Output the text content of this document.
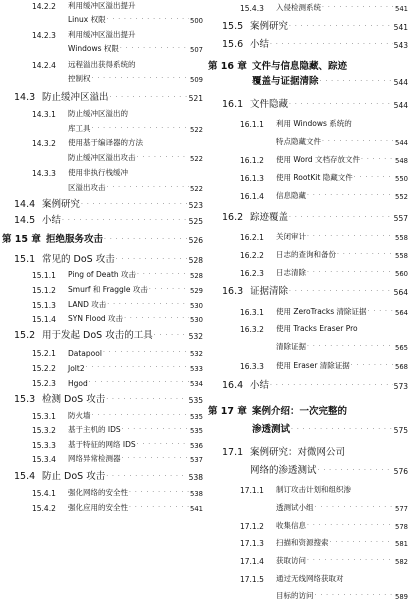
14.2.2	利用缓冲区溢出提升
Linux 权限 · · ·	500
14.2.3	利用缓冲区溢出提升
Windows 权限 · · ·	507
14.2.4	远程溢出获得系统的
控制权 · · ·	509
14.3 防止缓冲区溢出 · · ·	521
14.3.1	防止缓冲区溢出的
库工具 · · ·	522
14.3.2	使用基于编译器的方法
防止缓冲区溢出攻击 · · ·	522
14.3.3	使用非执行栈缓冲
区溢出攻击 · · ·	522
14.4 案例研究 · · ·	523
14.5 小结 · · ·	525
第 15 章 拒绝服务攻击 · · ·	526
15.1 常见的 DoS 攻击 · · ·	528
15.1.1	Ping of Death 攻击 · · ·	528
15.1.2	Smurf 和 Fraggle 攻击 · · ·	529
15.1.3	LAND 攻击 · · ·	530
15.1.4	SYN Flood 攻击 · · ·	530
15.2 用于发起 DoS 攻击的工具 · · ·	532
15.2.1	Datapool · · ·	532
15.2.2	Jolt2 · · ·	533
15.2.3	Hgod · · ·	534
15.3 检测 DoS 攻击 · · ·	535
15.3.1	防火墙 · · ·	535
15.3.2	基于主机的 IDS · · ·	535
15.3.3	基于特征的网络 IDS · · ·	536
15.3.4	网络异常检测器 · · ·	537
15.4 防止 DoS 攻击 · · ·	538
15.4.1	强化网络的安全性 · · ·	538
15.4.2	强化应用的安全性 · · ·	541
15.4.3	入侵检测系统 · · ·	541
15.5 案例研究 · · ·	541
15.6 小结 · · ·	543
第 16 章 文件与信息隐藏、踪迹
覆盖与证据清除 · · ·	544
16.1 文件隐藏 · · ·	544
16.1.1	利用 Windows 系统的
特点隐藏文件 · · ·	544
16.1.2	使用 Word 文档存放文件 · · ·	548
16.1.3	使用 RootKit 隐藏文件 · · ·	550
16.1.4	信息隐藏 · · ·	552
16.2 踪迹覆盖 · · ·	557
16.2.1	关闭审计 · · ·	558
16.2.2	日志的查询和备份 · · ·	558
16.2.3	日志清除 · · ·	560
16.3 证据清除 · · ·	564
16.3.1	使用 ZeroTracks 清除证据 · · ·	564
16.3.2	使用 Tracks Eraser Pro
清除证据 · · ·	565
16.3.3	使用 Eraser 清除证据 · · ·	568
16.4 小结 · · ·	573
第 17 章 案例介绍：一次完整的
渗透测试 · · ·	575
17.1 案例研究：对微网公司
网络的渗透测试 · · ·	576
17.1.1	制订攻击计划和组织渗
透测试小组 · · ·	577
17.1.2	收集信息 · · ·	578
17.1.3	扫描和资源搜索 · · ·	581
17.1.4	获取访问 · · ·	582
17.1.5	通过无线网络获取对
目标的访问 · · ·	589
